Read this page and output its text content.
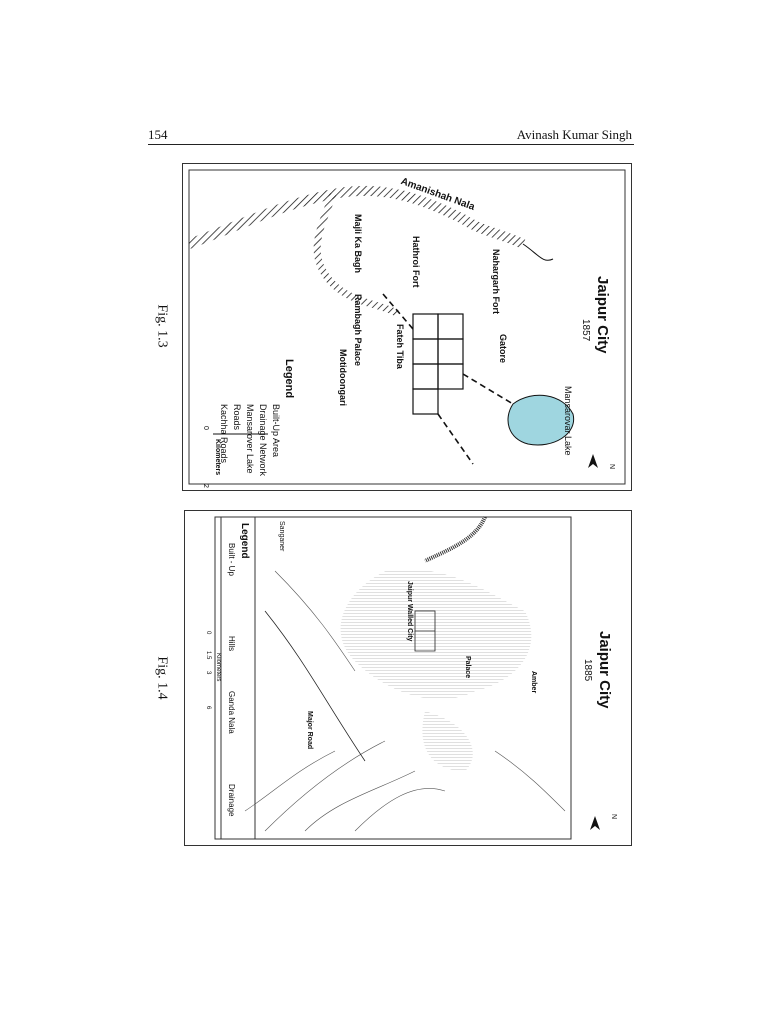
154	Avinash Kumar Singh
Fig. 1.3	Jaipur City
1857
Amanishah Nala
Majli Ka Bagh	Hathroi Fort	Nahargarh Fort
Gatore
Rambagh Palace	Fateh Tiba
Motidoongari
Mansarovar Lake
N
Legend
Built-Up Area
Drainage Network
Mansarover Lake
Roads
Kachha Roads
0
2
Kilometers
Fig. 1.4	Jaipur City
1885
Sanganer
Jaipur Walled City
Palace
Amber
Major Road
N
Legend
Built - Up
Hills
Ganda Nala
Drainage
0
1.5
3
6
Kilometers
